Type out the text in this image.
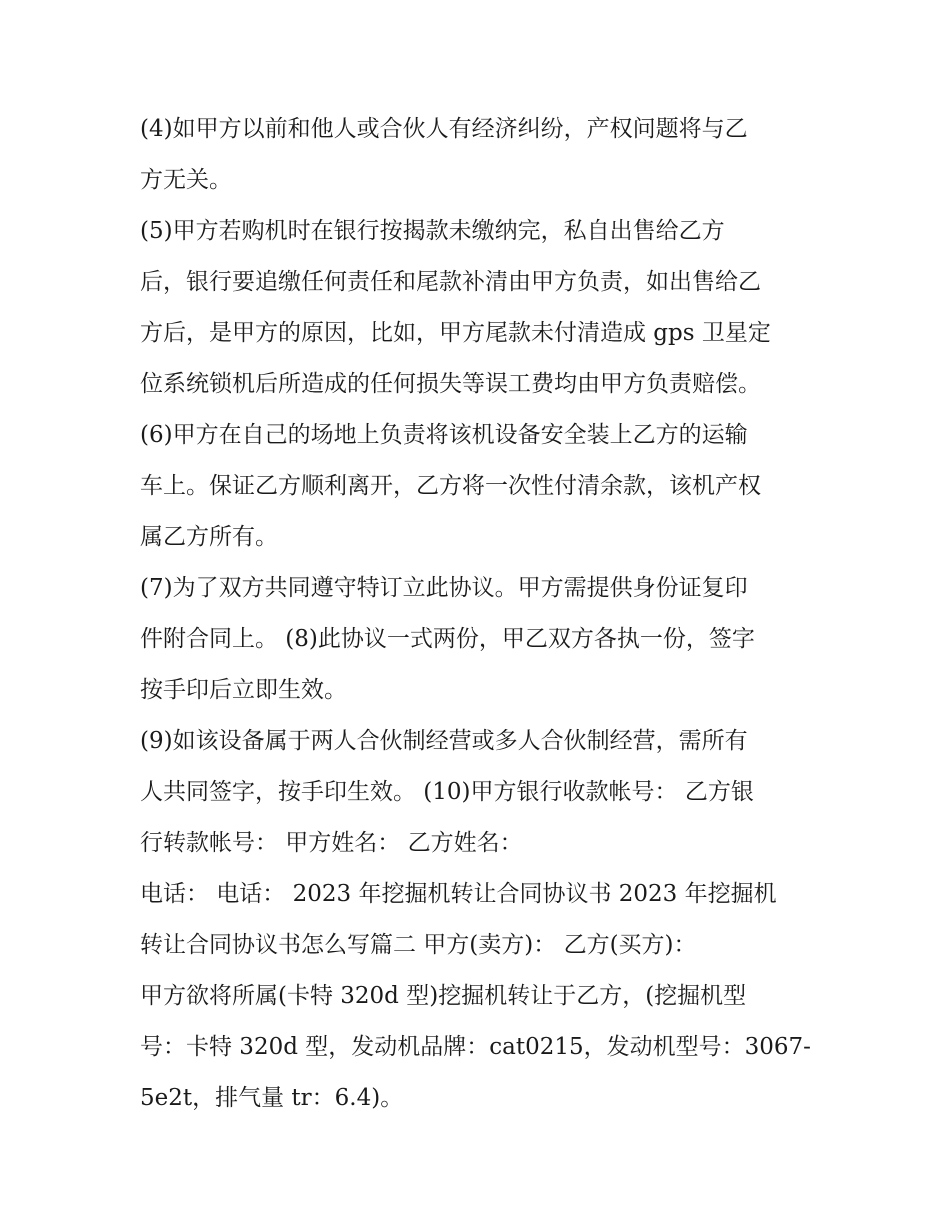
(4)如甲方以前和他人或合伙人有经济纠纷，产权问题将与乙
方无关。
(5)甲方若购机时在银行按揭款未缴纳完，私自出售给乙方
后，银行要追缴任何责任和尾款补清由甲方负责，如出售给乙
方后，是甲方的原因，比如，甲方尾款未付清造成 gps 卫星定
位系统锁机后所造成的任何损失等误工费均由甲方负责赔偿。
(6)甲方在自己的场地上负责将该机设备安全装上乙方的运输
车上。保证乙方顺利离开，乙方将一次性付清余款，该机产权
属乙方所有。
(7)为了双方共同遵守特订立此协议。甲方需提供身份证复印
件附合同上。 (8)此协议一式两份，甲乙双方各执一份，签字
按手印后立即生效。
(9)如该设备属于两人合伙制经营或多人合伙制经营，需所有
人共同签字，按手印生效。 (10)甲方银行收款帐号： 乙方银
行转款帐号： 甲方姓名： 乙方姓名：
电话： 电话： 2023 年挖掘机转让合同协议书 2023 年挖掘机
转让合同协议书怎么写篇二 甲方(卖方)： 乙方(买方)：
甲方欲将所属(卡特 320d 型)挖掘机转让于乙方，(挖掘机型
号：卡特 320d 型，发动机品牌：cat0215，发动机型号：3067-
5e2t，排气量 tr：6.4)。
